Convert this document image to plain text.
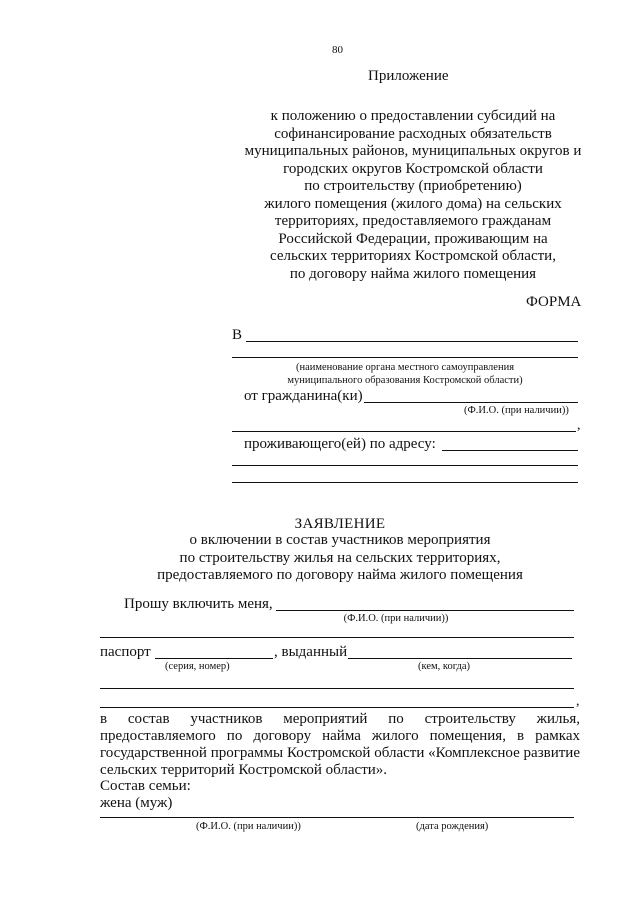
80
Приложение
к положению о предоставлении субсидий на
софинансирование расходных обязательств
муниципальных районов, муниципальных округов и
городских округов Костромской области
по строительству (приобретению)
жилого помещения (жилого дома) на сельских
территориях, предоставляемого гражданам
Российской Федерации, проживающим на
сельских территориях Костромской области,
по договору найма жилого помещения
ФОРМА
В
(наименование органа местного самоуправления
муниципального образования Костромской области)
от гражданина(ки)
(Ф.И.О. (при наличии))
,
проживающего(ей) по адресу:
ЗАЯВЛЕНИЕ
о включении в состав участников мероприятия
по строительству жилья на сельских территориях,
предоставляемого по договору найма жилого помещения
Прошу включить меня,
(Ф.И.О. (при наличии))
паспорт	, выданный
(серия, номер)	(кем, когда)
,
в состав участников мероприятий по строительству жилья,
предоставляемого по договору найма жилого помещения, в рамках
государственной программы Костромской области «Комплексное развитие
сельских территорий Костромской области».
Состав семьи:
жена (муж)
(Ф.И.О. (при наличии))	(дата рождения)
